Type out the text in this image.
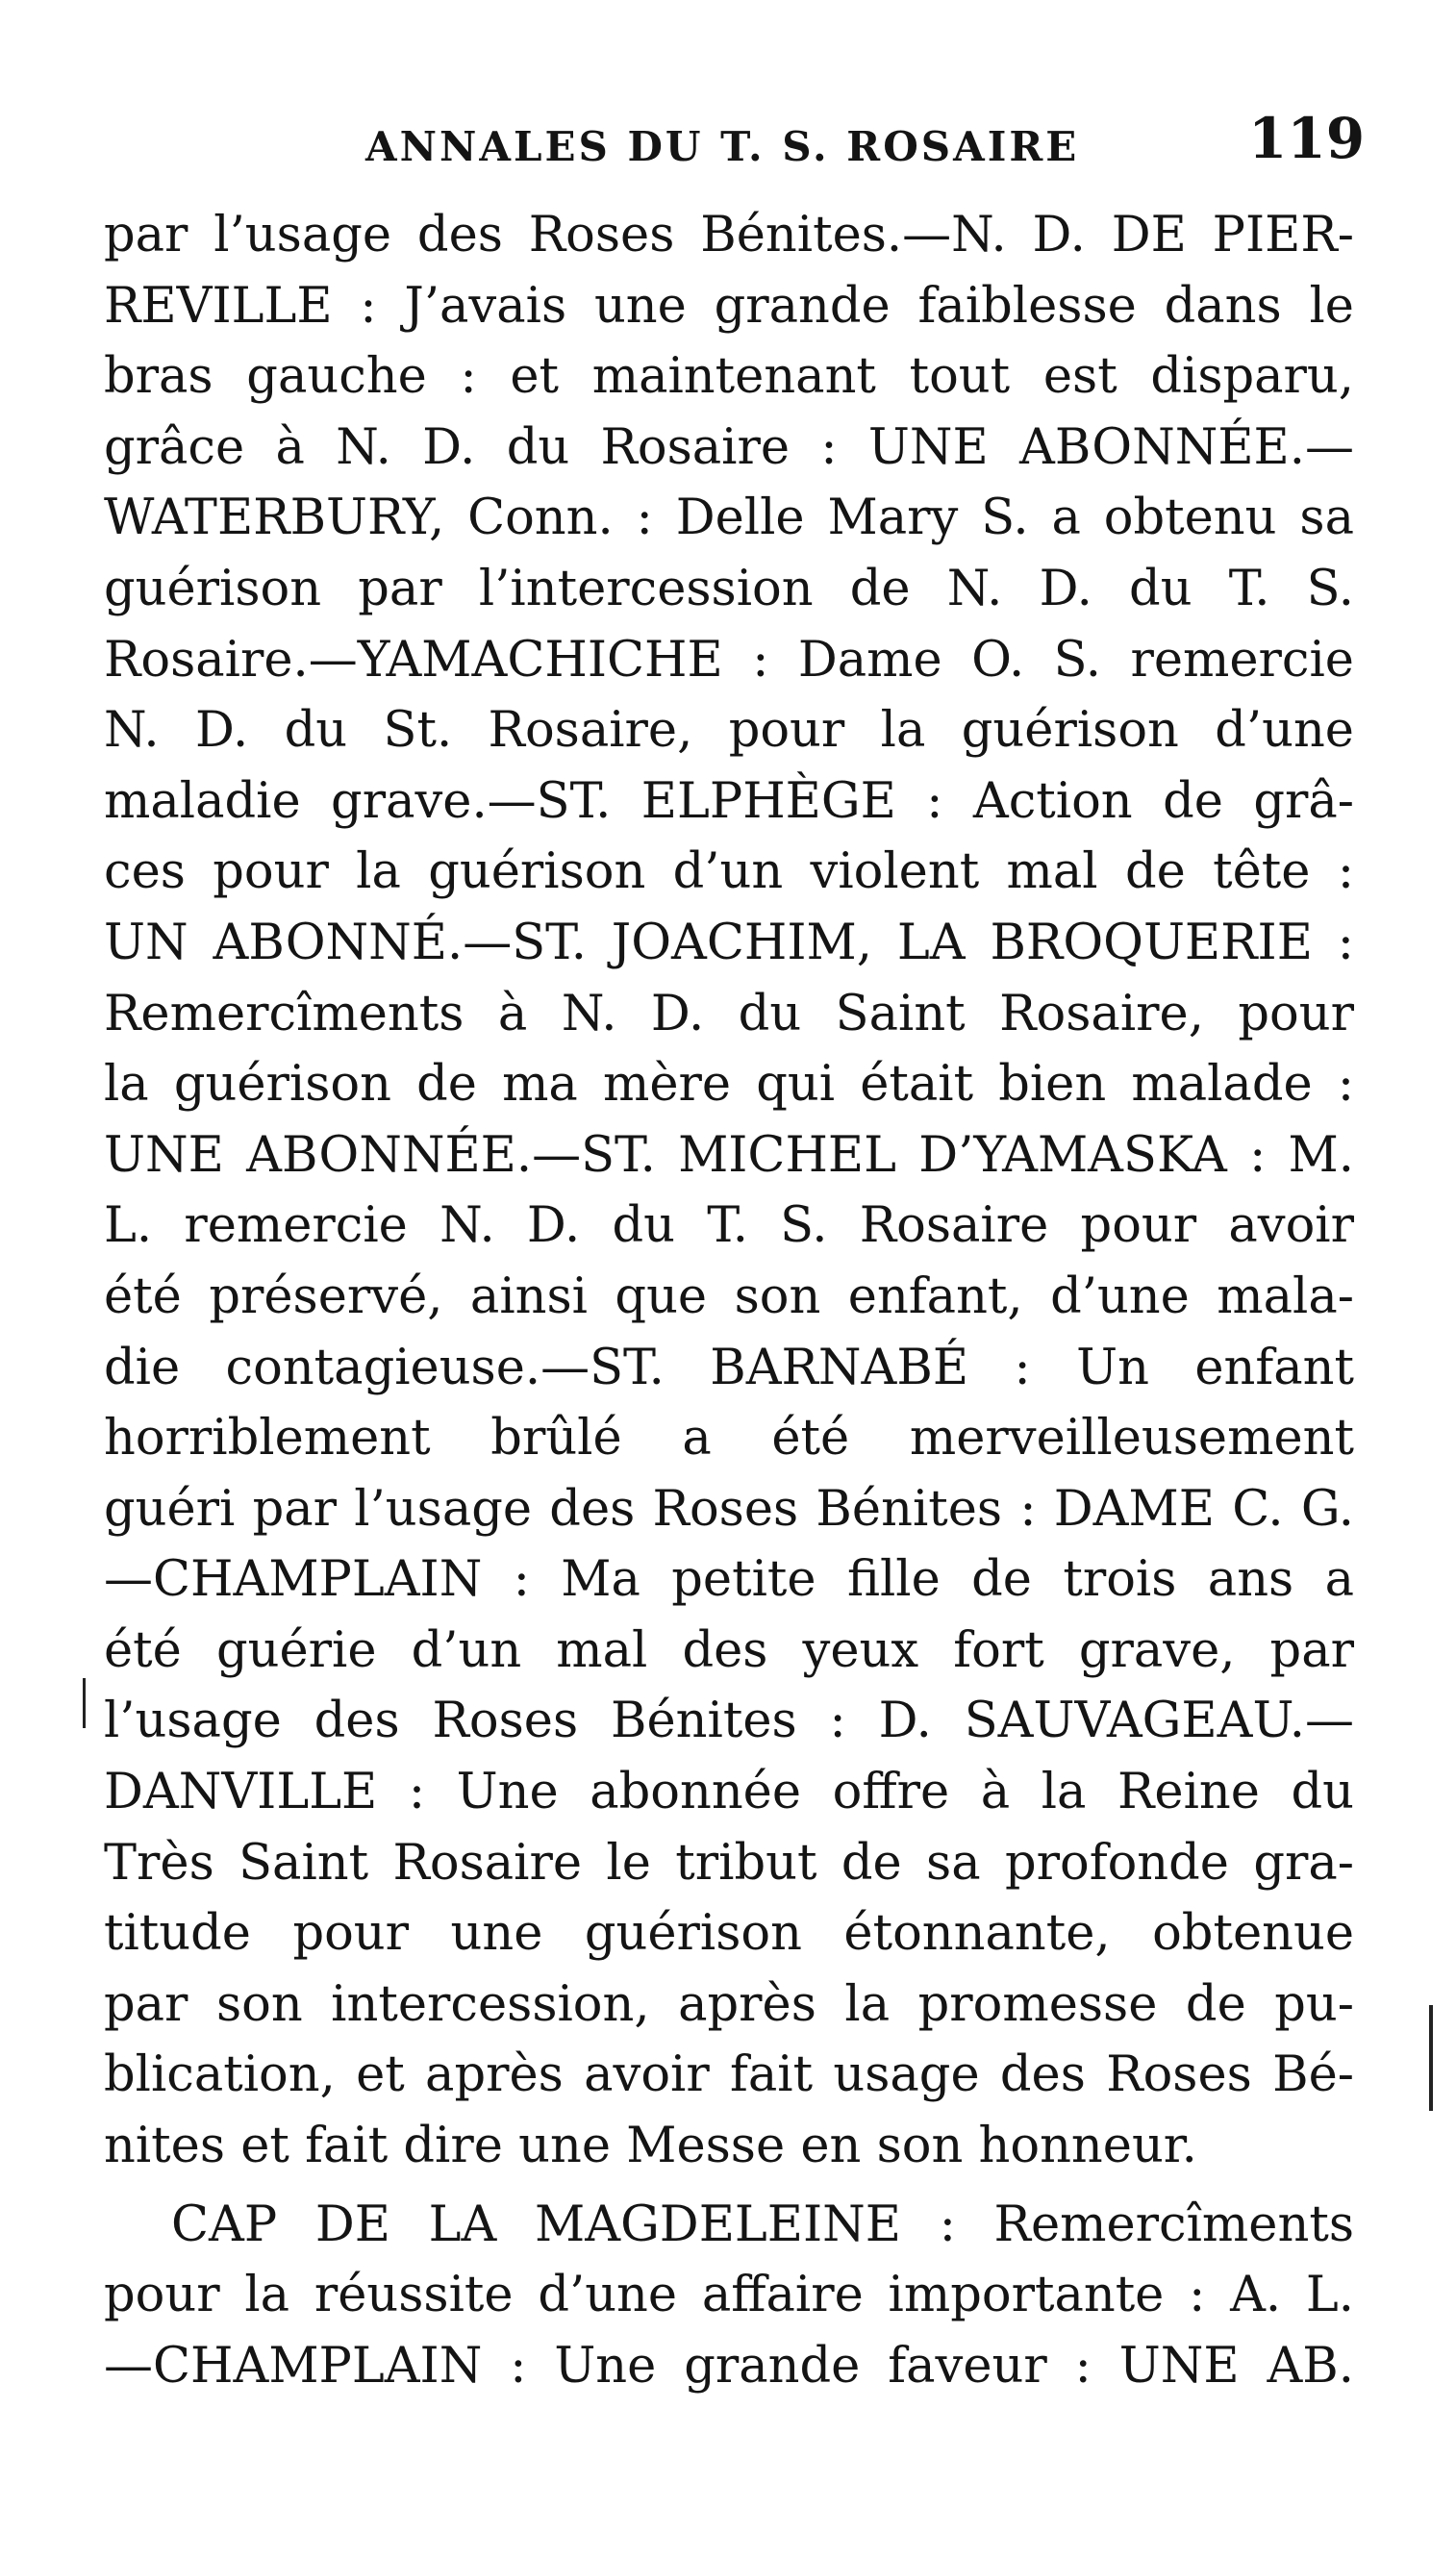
ANNALES DU T. S. ROSAIRE	119
par l’usage des Roses Bénites.—N. D. DE PIER-
REVILLE : J’avais une grande faiblesse dans le
bras gauche : et maintenant tout est disparu,
grâce à N. D. du Rosaire : UNE ABONNÉE.—
WATERBURY, Conn. : Delle Mary S. a obtenu sa
guérison par l’intercession de N. D. du T. S.
Rosaire.—YAMACHICHE : Dame O. S. remercie
N. D. du St. Rosaire, pour la guérison d’une
maladie grave.—ST. ELPHÈGE : Action de grâ-
ces pour la guérison d’un violent mal de tête :
UN ABONNÉ.—ST. JOACHIM, LA BROQUERIE :
Remercîments à N. D. du Saint Rosaire, pour
la guérison de ma mère qui était bien malade :
UNE ABONNÉE.—ST. MICHEL D’YAMASKA : M.
L. remercie N. D. du T. S. Rosaire pour avoir
été préservé, ainsi que son enfant, d’une mala-
die contagieuse.—ST. BARNABÉ : Un enfant
horriblement brûlé a été merveilleusement
guéri par l’usage des Roses Bénites : DAME C. G.
—CHAMPLAIN : Ma petite fille de trois ans a
été guérie d’un mal des yeux fort grave, par
l’usage des Roses Bénites : D. SAUVAGEAU.—
DANVILLE : Une abonnée offre à la Reine du
Très Saint Rosaire le tribut de sa profonde gra-
titude pour une guérison étonnante, obtenue
par son intercession, après la promesse de pu-
blication, et après avoir fait usage des Roses Bé-
nites et fait dire une Messe en son honneur.
CAP DE LA MAGDELEINE : Remercîments
pour la réussite d’une affaire importante : A. L.
—CHAMPLAIN : Une grande faveur : UNE AB.
